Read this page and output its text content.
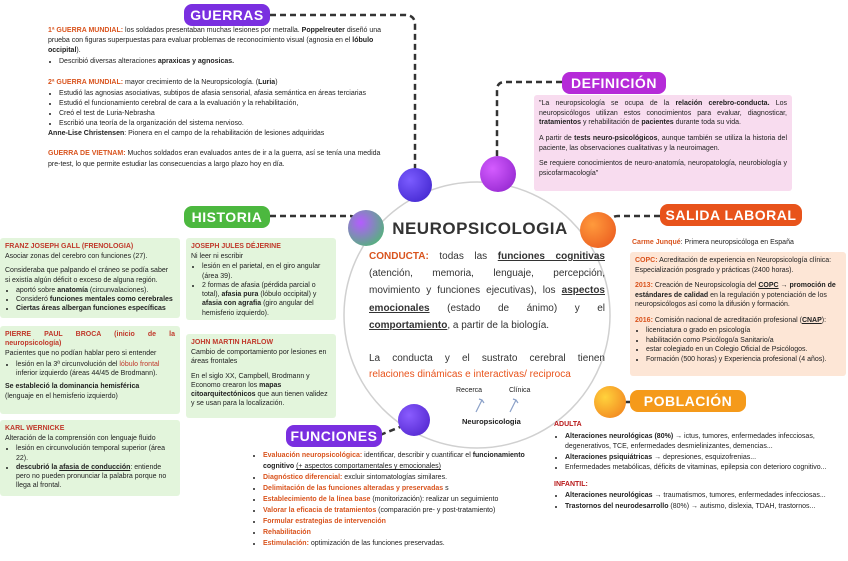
NEUROPSICOLOGIA
CONDUCTA: todas las funciones cognitivas (atención, memoria, lenguaje, percepción, movimiento y funciones ejecutivas), los aspectos emocionales (estado de ánimo) y el comportamiento, a partir de la biología.
La conducta y el sustrato cerebral tienen
relaciones dinámicas e interactivas/ reciproca
Recerca	Clínica
Neuropsicologia
GUERRAS

1ª GUERRA MUNDIAL: los soldados presentaban muchas lesiones por metralla. Poppelreuter diseñó una prueba con figuras superpuestas para evaluar problemas de reconocimiento visual (agnosia en el lóbulo occipital).

• Describió diversas alteraciones apraxicas y agnosicas.

2ª GUERRA MUNDIAL: mayor crecimiento de la Neuropsicología. (Luria)

• Estudió las agnosias asociativas, subtipos de afasia sensorial, afasia semántica en áreas terciarias
• Estudió el funcionamiento cerebral de cara a la evaluación y la rehabilitación,
• Creó el test de Luria-Nebrasha
• Escribió una teoría de la organización del sistema nervioso.

Anne-Lise Christensen: Pionera en el campo de la rehabilitación de lesiones adquiridas

GUERRA DE VIETNAM: Muchos soldados eran evaluados antes de ir a la guerra, así se tenía una medida pre-test, lo que permite estudiar las consecuencias a largo plazo hoy en día.

DEFINICIÓN

"La neuropsicología se ocupa de la relación cerebro-conducta. Los neuropsicólogos utilizan estos conocimientos para evaluar, diagnosticar, tratamientos y rehabilitación de pacientes durante toda su vida.

A partir de tests neuro-psicológicos, aunque también se utiliza la historia del paciente, las observaciones cualitativas y la neuroimagen.

Se requiere conocimientos de neuro-anatomía, neuropatología, neurobiología y psicofarmacología"

HISTORIA

FRANZ JOSEPH GALL (FRENOLOGIA)

Asociar zonas del cerebro con funciones (27).

Consideraba que palpando el cráneo se podía saber si existía algún déficit o exceso de alguna región.

• aportó sobre anatomía (circunvalaciones).
• Consideró funciones mentales como cerebrales
• Ciertas áreas albergan funciones específicas

PIERRE PAUL BROCA (inicio de la neuropsicología)

Pacientes que no podían hablar pero si entender

• lesión en la 3ª circunvolución del lóbulo frontal inferior izquierdo (áreas 44/45 de Brodmann).

Se estableció la dominancia hemisférica

(lenguaje en el hemisferio izquierdo)

KARL WERNICKE

Alteración de la comprensión con lenguaje fluido

• lesión en circunvolución temporal superior (área 22).
• descubrió la afasia de conducción: entiende pero no pueden pronunciar la palabra porque no llega al frontal.

JOSEPH JULES DÉJERINE

Ni leer ni escribir

• lesión en el parietal, en el giro angular (área 39).
• 2 formas de afasia (pérdida parcial o total), afasia pura (lóbulo occipital) y afasia con agrafia (giro angular del hemisferio izquierdo).

JOHN MARTIN HARLOW

Cambio de comportamiento por lesiones en áreas frontales

En el siglo XX, Campbell, Brodmann y Economo crearon los mapas citoarquitectónicos que aun tienen validez y se usan para la localización.

SALIDA LABORAL
Carme Junqué: Primera neuropsicóloga en España

COPC: Acreditación de experiencia en Neuropsicología clínica: Especialización posgrado y prácticas (2400 horas).

2013: Creación de Neuropsicología del COPC → promoción de estándares de calidad en la regulación y potenciación de los neuropsicólogos así como la difusión y formación.

2016: Comisión nacional de acreditación profesional (CNAP):

• licenciatura o grado en psicología
• habilitación como Psicólogo/a Sanitario/a
• estar colegiado en un Colegio Oficial de Psicólogos.
• Formación (500 horas) y Experiencia profesional (4 años).
POBLACIÓN

ADULTA

• Alteraciones neurológicas (80%) → ictus, tumores, enfermedades infecciosas, degenerativos, TCE, enfermedades desmielinizantes, demencias...
• Alteraciones psiquiátricas → depresiones, esquizofrenias...
• Enfermedades metabólicas, déficits de vitaminas, epilepsia con deterioro cognitivo...

INFANTIL:

• Alteraciones neurológicas → traumatismos, tumores, enfermedades infecciosas...
• Trastornos del neurodesarrollo (80%) → autismo, dislexia, TDAH, trastornos...
FUNCIONES
• Evaluación neuropsicológica: identificar, describir y cuantificar el funcionamiento cognitivo (+ aspectos comportamentales y emocionales)
• Diagnóstico diferencial: excluir sintomatologías similares.
• Delimitación de las funciones alteradas y preservadas s
• Establecimiento de la línea base (monitorización): realizar un seguimiento
• Valorar la eficacia de tratamientos (comparación pre- y post-tratamiento)
• Formular estrategias de intervención
• Rehabilitación
• Estimulación: optimización de las funciones preservadas.
